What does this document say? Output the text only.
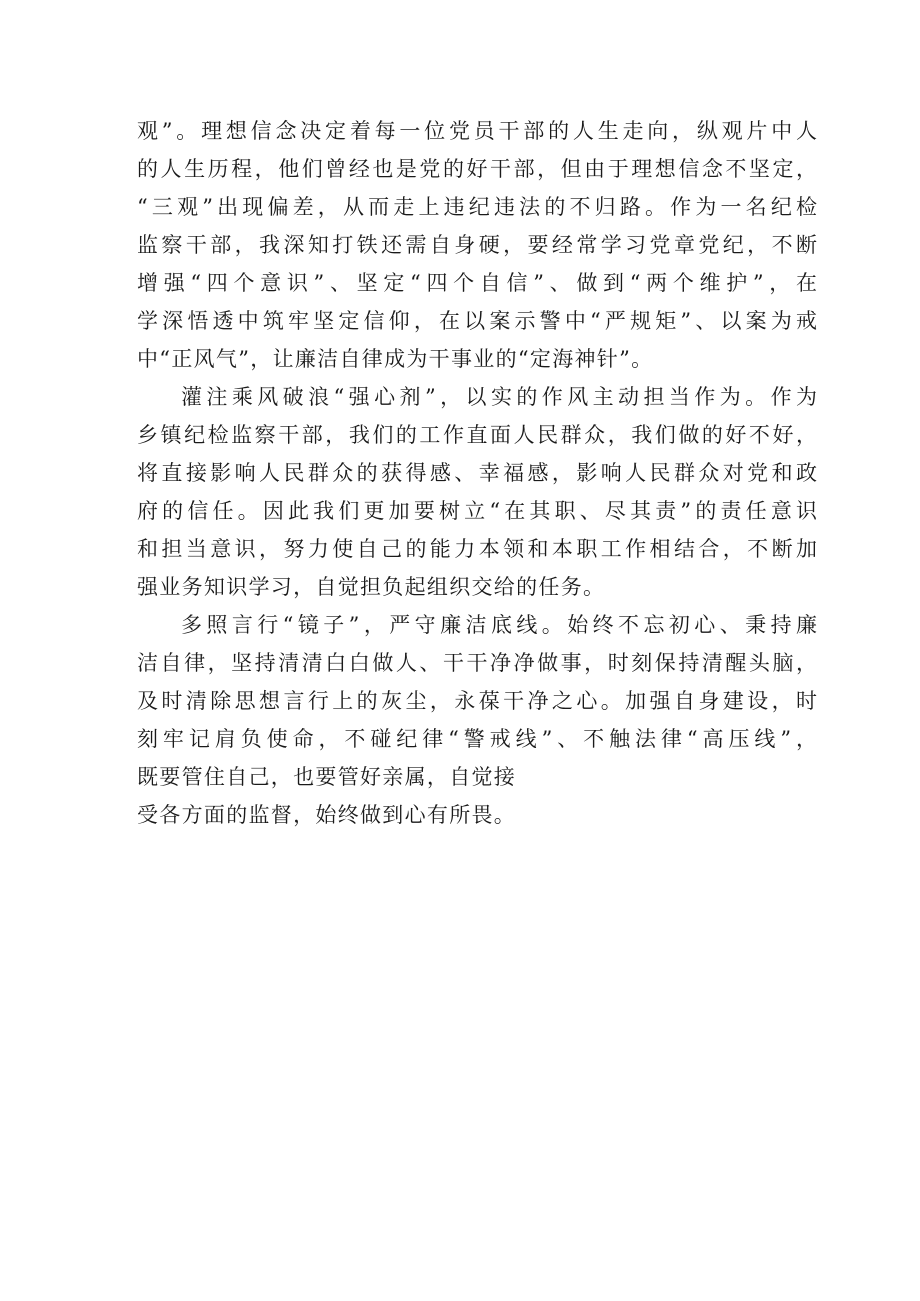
观”。理想信念决定着每一位党员干部的人生走向，纵观片中人
的人生历程，他们曾经也是党的好干部，但由于理想信念不坚定，
“三观”出现偏差，从而走上违纪违法的不归路。作为一名纪检
监察干部，我深知打铁还需自身硬，要经常学习党章党纪，不断
增强“四个意识”、坚定“四个自信”、做到“两个维护”，在
学深悟透中筑牢坚定信仰，在以案示警中“严规矩”、以案为戒
中“正风气”，让廉洁自律成为干事业的“定海神针”。
灌注乘风破浪“强心剂”，以实的作风主动担当作为。作为
乡镇纪检监察干部，我们的工作直面人民群众，我们做的好不好，
将直接影响人民群众的获得感、幸福感，影响人民群众对党和政
府的信任。因此我们更加要树立“在其职、尽其责”的责任意识
和担当意识，努力使自己的能力本领和本职工作相结合，不断加
强业务知识学习，自觉担负起组织交给的任务。
多照言行“镜子”，严守廉洁底线。始终不忘初心、秉持廉
洁自律，坚持清清白白做人、干干净净做事，时刻保持清醒头脑，
及时清除思想言行上的灰尘，永葆干净之心。加强自身建设，时
刻牢记肩负使命，不碰纪律“警戒线”、不触法律“高压线”，
既要管住自己，也要管好亲属，自觉接
受各方面的监督，始终做到心有所畏。
